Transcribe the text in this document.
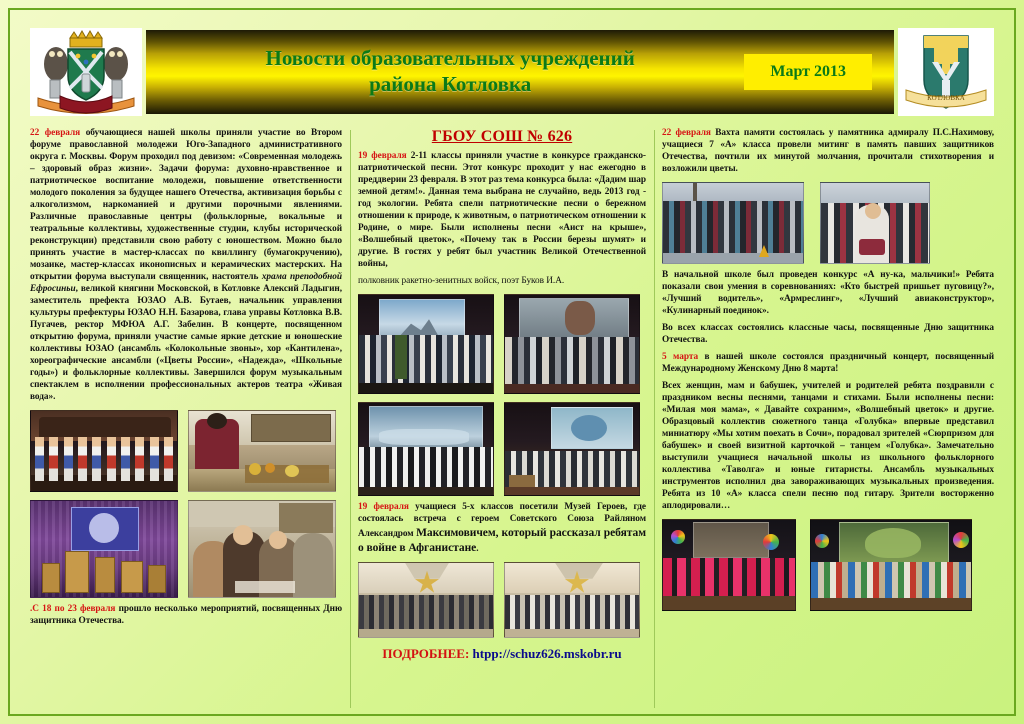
Новости образовательных учреждений
района Котловка
Март 2013
КОТЛОВКА

22 февраля обучающиеся нашей школы приняли участие во Втором форуме православной молодежи Юго-Западного административного округа г. Москвы. Форум проходил под девизом: «Современная молодежь – здоровый образ жизни». Задачи форума: духовно-нравственное и патриотическое воспитание молодежи, повышение ответственности молодого поколения за будущее нашего Отечества, активизация борьбы с алкоголизмом, наркоманией и другими порочными явлениями. Различные православные центры (фольклорные, вокальные и театральные коллективы, художественные студии, клубы исторической реконструкции) представили свою работу с юношеством. Можно было принять участие в мастер-классах по квиллингу (бумагокручению), мозаике, мастер-классах иконописных и керамических мастерских. На открытии форума выступали священник, настоятель храма преподобной Ефросиньи, великой княгини Московской, в Котловке Алексий Ладыгин, заместитель префекта ЮЗАО А.В. Бутаев, начальник управления культуры префектуры ЮЗАО Н.Н. Базарова, глава управы Котловка В.В. Пугачев, ректор МФЮА А.Г. Забелин. В концерте, посвященном открытию форума, приняли участие самые яркие детские и юношеские коллективы ЮЗАО (ансамбль «Колокольные звоны», хор «Кантилена», хореографические ансамбли («Цветы России», «Надежда», «Школьные годы») и фольклорные коллективы. Завершился форум музыкальным спектаклем в исполнении профессиональных актеров театра «Живая вода».

.С 18 по 23 февраля прошло несколько мероприятий, посвященных Дню защитника Отечества.

ГБОУ СОШ № 626

19 февраля 2-11 классы приняли участие в конкурсе гражданско-патриотической песни. Этот конкурс проходит у нас ежегодно в преддверии 23 февраля. В этот раз тема конкурса была: «Дадим шар земной детям!». Данная тема выбрана не случайно, ведь 2013 год - год экологии. Ребята спели патриотические песни о бережном отношении к природе, к животным, о патриотическом отношении к Родине, о мире. Были исполнены песни «Аист на крыше», «Волшебный цветок», «Почему так в России березы шумят» и другие. В гостях у ребят был участник Великой Отечественной войны,

полковник ракетно-зенитных войск, поэт Буков И.А.

19 февраля учащиеся 5-х классов посетили Музей Героев, где состоялась встреча с героем Советского Союза Райляном Александром Максимовичем, который рассказал ребятам о войне в Афганистане.

ПОДРОБНЕЕ: htpp://schuz626.mskobr.ru

22 февраля Вахта памяти состоялась у памятника адмиралу П.С.Нахимову, учащиеся 7 «А» класса провели митинг в память павших защитников Отечества, почтили их минутой молчания, прочитали стихотворения и возложили цветы.

В начальной школе был проведен конкурс «А ну-ка, мальчики!» Ребята показали свои умения в соревнованиях: «Кто быстрей пришьет пуговицу?», «Лучший водитель», «Армреслинг», «Лучший авиаконструктор», «Кулинарный поединок».

Во всех классах состоялись классные часы, посвященные Дню защитника Отечества.

5 марта в нашей школе состоялся праздничный концерт, посвященный Международному Женскому Дню 8 марта!

Всех женщин, мам и бабушек, учителей и родителей ребята поздравили с праздником весны песнями, танцами и стихами. Были исполнены песни: «Милая моя мама», « Давайте сохраним», «Волшебный цветок» и другие. Образцовый коллектив сюжетного танца «Голубка» впервые представил миниатюру «Мы хотим поехать в Сочи», порадовал зрителей «Сюрпризом для бабушек» и своей визитной карточкой – танцем «Голубка». Замечательно выступили учащиеся начальной школы из школьного фольклорного коллектива «Таволга» и юные гитаристы. Ансамбль музыкальных инструментов исполнил два завораживающих музыкальных произведения. Ребята из 10 «А» класса спели песню под гитару. Зрители восторженно аплодировали…
